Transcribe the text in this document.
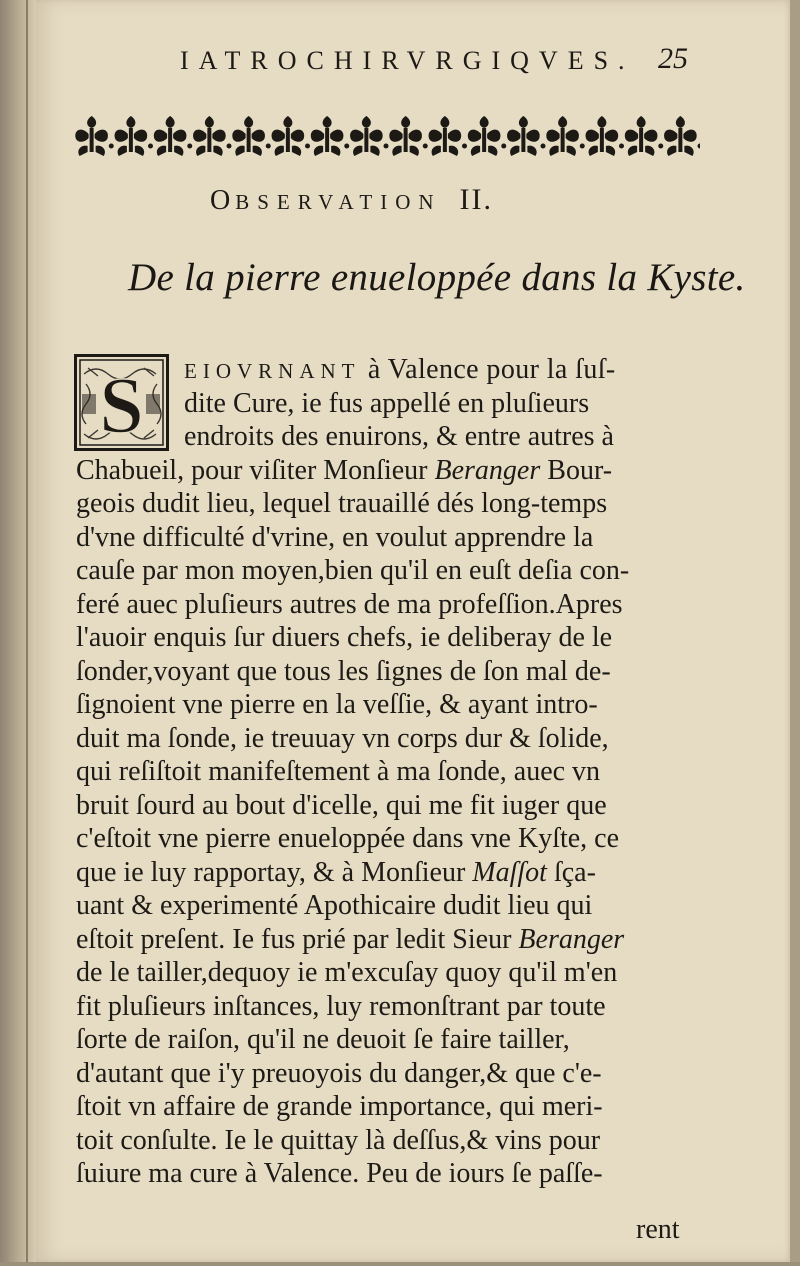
IATROCHIRVRGIQVES. 25
OBSERVATION II.
De la pierre enueloppée dans la Kyste.
S EIOVRNANT à Valence pour la ſuſ-
dite Cure, ie fus appellé en pluſieurs
endroits des enuirons, & entre autres à
Chabueil, pour viſiter Monſieur Beranger Bour-
geois dudit lieu, lequel trauaillé dés long-temps
d'vne difficulté d'vrine, en voulut apprendre la
cauſe par mon moyen,bien qu'il en euſt deſia con-
feré auec pluſieurs autres de ma profeſſion.Apres
l'auoir enquis ſur diuers chefs, ie deliberay de le
ſonder,voyant que tous les ſignes de ſon mal de-
ſignoient vne pierre en la veſſie, & ayant intro-
duit ma ſonde, ie treuuay vn corps dur & ſolide,
qui reſiſtoit manifeſtement à ma ſonde, auec vn
bruit ſourd au bout d'icelle, qui me fit iuger que
c'eſtoit vne pierre enueloppée dans vne Kyſte, ce
que ie luy rapportay, & à Monſieur Maſſot ſça-
uant & experimenté Apothicaire dudit lieu qui
eſtoit preſent. Ie fus prié par ledit Sieur Beranger
de le tailler,dequoy ie m'excuſay quoy qu'il m'en
fit pluſieurs inſtances, luy remonſtrant par toute
ſorte de raiſon, qu'il ne deuoit ſe faire tailler,
d'autant que i'y preuoyois du danger,& que c'e-
ſtoit vn affaire de grande importance, qui meri-
toit conſulte. Ie le quittay là deſſus,& vins pour
ſuiure ma cure à Valence. Peu de iours ſe paſſe-
rent
